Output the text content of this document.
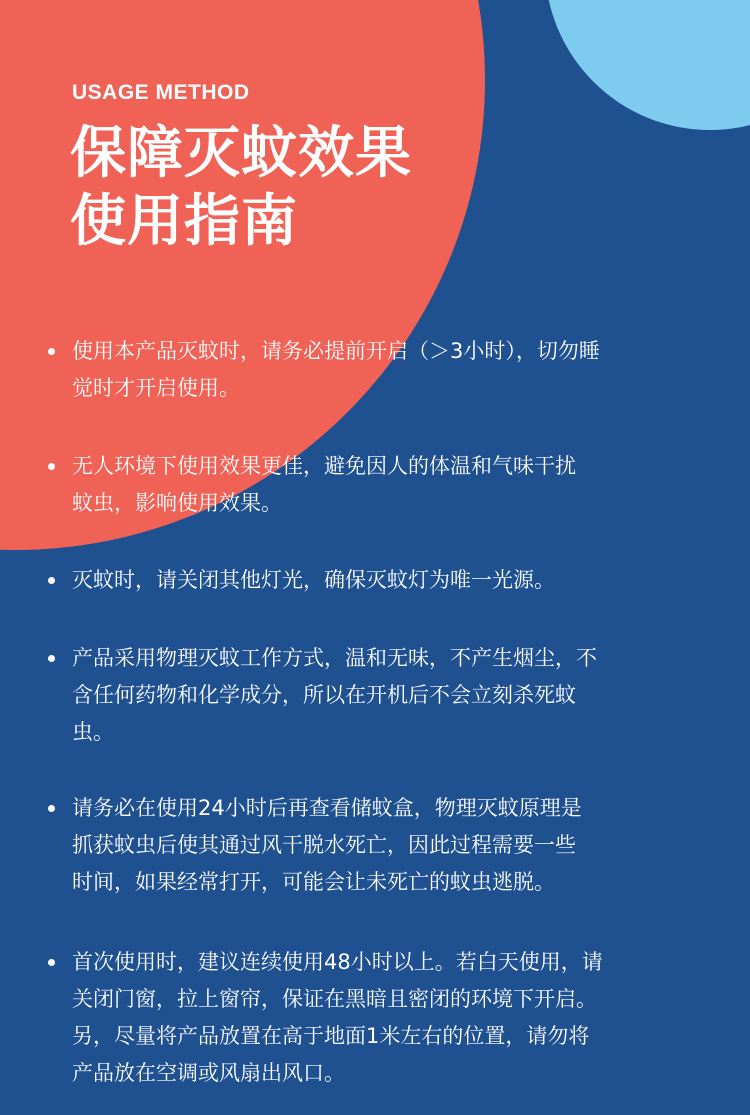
USAGE METHOD
保障灭蚊效果
使用指南
使用本产品灭蚊时，请务必提前开启（＞3小时），切勿睡
觉时才开启使用。
无人环境下使用效果更佳，避免因人的体温和气味干扰
蚊虫，影响使用效果。
灭蚊时，请关闭其他灯光，确保灭蚊灯为唯一光源。
产品采用物理灭蚊工作方式，温和无味，不产生烟尘，不
含任何药物和化学成分，所以在开机后不会立刻杀死蚊
虫。
请务必在使用24小时后再查看储蚊盒，物理灭蚊原理是
抓获蚊虫后使其通过风干脱水死亡，因此过程需要一些
时间，如果经常打开，可能会让未死亡的蚊虫逃脱。
首次使用时，建议连续使用48小时以上。若白天使用，请
关闭门窗，拉上窗帘，保证在黑暗且密闭的环境下开启。
另，尽量将产品放置在高于地面1米左右的位置，请勿将
产品放在空调或风扇出风口。
